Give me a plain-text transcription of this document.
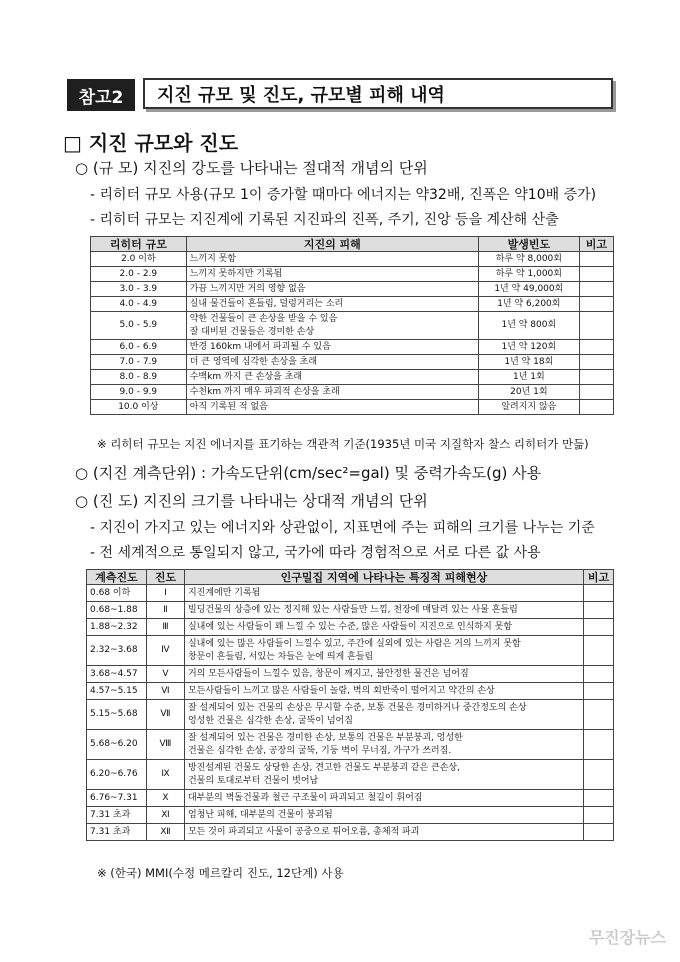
참고2	지진 규모 및 진도, 규모별 피해 내역
□ 지진 규모와 진도
○ (규 모) 지진의 강도를 나타내는 절대적 개념의 단위
- 리히터 규모 사용(규모 1이 증가할 때마다 에너지는 약32배, 진폭은 약10배 증가)
- 리히터 규모는 지진계에 기록된 지진파의 진폭, 주기, 진앙 등을 계산해 산출
리히터 규모	지진의 피해	발생빈도	비고
2.0 이하	느끼지 못함	하루 약 8,000회	
2.0 - 2.9	느끼지 못하지만 기록됨	하루 약 1,000회	
3.0 - 3.9	가끔 느끼지만 거의 영향 없음	1년 약 49,000회	
4.0 - 4.9	실내 물건들이 흔들림, 덜렁거리는 소리	1년 약 6,200회	
5.0 - 5.9	약한 건물들이 큰 손상을 받을 수 있음
잘 대비된 건물들은 경미한 손상	1년 약 800회	
6.0 - 6.9	반경 160km 내에서 파괴될 수 있음	1년 약 120회	
7.0 - 7.9	더 큰 영역에 심각한 손상을 초래	1년 약 18회	
8.0 - 8.9	수백km 까지 큰 손상을 초래	1년 1회	
9.0 - 9.9	수천km 까지 매우 파괴적 손상을 초래	20년 1회	
10.0 이상	아직 기록된 적 없음	알려지지 않음	
※ 리히터 규모는 지진 에너지를 표기하는 객관적 기준(1935년 미국 지질학자 찰스 리히터가 만듦)
○ (지진 계측단위) : 가속도단위(cm/sec²=gal) 및 중력가속도(g) 사용
○ (진 도) 지진의 크기를 나타내는 상대적 개념의 단위
- 지진이 가지고 있는 에너지와 상관없이, 지표면에 주는 피해의 크기를 나누는 기준
- 전 세계적으로 통일되지 않고, 국가에 따라 경험적으로 서로 다른 값 사용
계측진도	진도	인구밀집 지역에 나타나는 특징적 피해현상	비고
0.68 이하	Ⅰ	지진계에만 기록됨	
0.68~1.88	Ⅱ	빌딩건물의 상층에 있는 정지해 있는 사람들만 느낌, 천장에 매달려 있는 사물 흔들림	
1.88~2.32	Ⅲ	실내에 있는 사람들이 꽤 느낄 수 있는 수준, 많은 사람들이 지진으로 인식하지 못함	
2.32~3.68	Ⅳ	실내에 있는 많은 사람들이 느낄수 있고, 주간에 실외에 있는 사람은 거의 느끼지 못함
창문이 흔들림, 서있는 차들은 눈에 띄게 흔들림	
3.68~4.57	Ⅴ	거의 모든사람들이 느낄수 있음, 창문이 깨지고, 불안정한 물건은 넘어짐	
4.57~5.15	Ⅵ	모든사람들이 느끼고 많은 사람들이 놀람, 벽의 회반죽이 떨어지고 약간의 손상	
5.15~5.68	Ⅶ	잘 설계되어 있는 건물의 손상은 무시할 수준, 보통 건물은 경미하거나 중간정도의 손상
엉성한 건물은 심각한 손상, 굴뚝이 넘어짐	
5.68~6.20	Ⅷ	잘 설계되어 있는 건물은 경미한 손상, 보통의 건물은 부분붕괴, 엉성한
건물은 심각한 손상, 공장의 굴뚝, 기둥 벽이 무너짐, 가구가 쓰러짐.	
6.20~6.76	Ⅸ	방진설계된 건물도 상당한 손상, 견고한 건물도 부분붕괴 같은 큰손상,
건물의 토대로부터 건물이 벗어남	
6.76~7.31	Ⅹ	대부분의 벽돌건물과 철근 구조물이 파괴되고 철길이 휘어짐	
7.31 초과	Ⅺ	엄청난 피해, 대부분의 건물이 붕괴됨	
7.31 초과	Ⅻ	모든 것이 파괴되고 사물이 공중으로 튀어오름, 총체적 파괴	
※ (한국) MMI(수정 메르칼리 진도, 12단계) 사용
무진장뉴스
